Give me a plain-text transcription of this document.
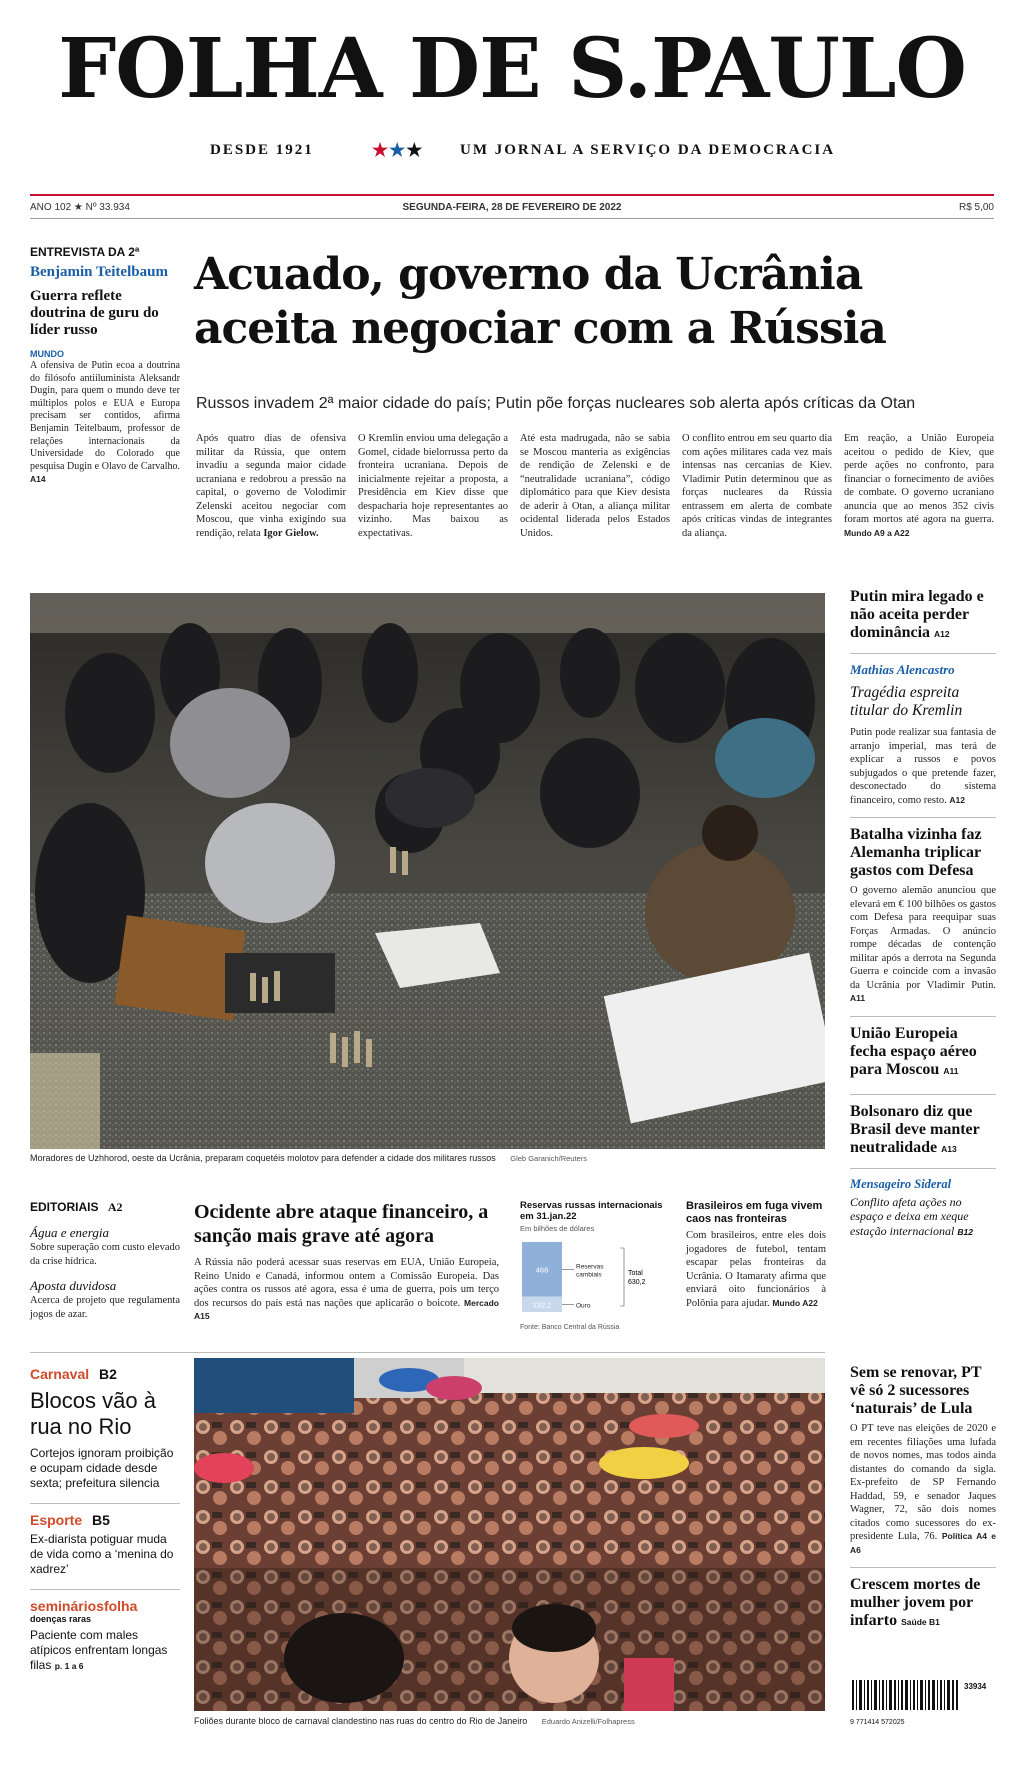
FOLHA DE S.PAULO
DESDE 1921	★★★ UM JORNAL A SERVIÇO DA DEMOCRACIA
ANO 102 ★ Nº 33.934	SEGUNDA-FEIRA, 28 DE FEVEREIRO DE 2022	R$ 5,00
ENTREVISTA DA 2ª
Benjamin Teitelbaum
Guerra reflete doutrina de guru do líder russo
MUNDO
A ofensiva de Putin ecoa a doutrina do filósofo antiiluminista Aleksandr Dugin, para quem o mundo deve ter múltiplos polos e EUA e Europa precisam ser contidos, afirma Benjamin Teitelbaum, professor de relações internacionais da Universidade do Colorado que pesquisa Dugin e Olavo de Carvalho. A14
Acuado, governo da Ucrânia
aceita negociar com a Rússia
Russos invadem 2ª maior cidade do país; Putin põe forças nucleares sob alerta após críticas da Otan
Após quatro dias de ofensiva militar da Rússia, que ontem invadiu a segunda maior cidade ucraniana e redobrou a pressão na capital, o governo de Volodimir Zelenski aceitou negociar com Moscou, que vinha exigindo sua rendição, relata Igor Gielow.
O Kremlin enviou uma delegação a Gomel, cidade bielorrussa perto da fronteira ucraniana. Depois de inicialmente rejeitar a proposta, a Presidência em Kiev disse que despacharia hoje representantes ao vizinho. Mas baixou as expectativas.
Até esta madrugada, não se sabia se Moscou manteria as exigências de rendição de Zelenski e de “neutralidade ucraniana”, código diplomático para que Kiev desista de aderir à Otan, a aliança militar ocidental liderada pelos Estados Unidos.
O conflito entrou em seu quarto dia com ações militares cada vez mais intensas nas cercanias de Kiev. Vladimir Putin determinou que as forças nucleares da Rússia entrassem em alerta de combate após críticas vindas de integrantes da aliança.
Em reação, a União Europeia aceitou o pedido de Kiev, que perde ações no confronto, para financiar o fornecimento de aviões de combate. O governo ucraniano anuncia que ao menos 352 civis foram mortos até agora na guerra. Mundo A9 a A22
Moradores de Uzhhorod, oeste da Ucrânia, preparam coquetéis molotov para defender a cidade dos militares russos Gleb Garanich/Reuters
Putin mira legado e não aceita perder dominância A12
Mathias Alencastro
Tragédia espreita titular do Kremlin
Putin pode realizar sua fantasia de arranjo imperial, mas terá de explicar a russos e povos subjugados o que pretende fazer, desconectado do sistema financeiro, como resto. A12
Batalha vizinha faz Alemanha triplicar gastos com Defesa
O governo alemão anunciou que elevará em € 100 bilhões os gastos com Defesa para reequipar suas Forças Armadas. O anúncio rompe décadas de contenção militar após a derrota na Segunda Guerra e coincide com a invasão da Ucrânia por Vladimir Putin. A11
União Europeia fecha espaço aéreo para Moscou A11
Bolsonaro diz que Brasil deve manter neutralidade A13
Mensageiro Sideral
Conflito afeta ações no espaço e deixa em xeque estação internacional B12
EDITORIAIS A2
Água e energia
Sobre superação com custo elevado da crise hídrica.
Aposta duvidosa
Acerca de projeto que regulamenta jogos de azar.
Ocidente abre ataque financeiro, a sanção mais grave até agora
A Rússia não poderá acessar suas reservas em EUA, União Europeia, Reino Unido e Canadá, informou ontem a Comissão Europeia. Das ações contra os russos até agora, essa é uma de guerra, pois um terço dos recursos do país está nas nações que aplicarão o boicote. Mercado A15
Reservas russas internacionais em 31.jan.22
Em bilhões de dólares
468	Reservas
cambiais
132,2	Ouro
Total
630,2
Fonte: Banco Central da Rússia
Brasileiros em fuga vivem caos nas fronteiras
Com brasileiros, entre eles dois jogadores de futebol, tentam escapar pelas fronteiras da Ucrânia. O Itamaraty afirma que enviará oito funcionários à Polônia para ajudar. Mundo A22
Carnaval B2
Blocos vão à rua no Rio
Cortejos ignoram proibição e ocupam cidade desde sexta; prefeitura silencia
Esporte B5
Ex-diarista potiguar muda de vida como a ‘menina do xadrez’
semináriosfolha
doenças raras
Paciente com males atípicos enfrentam longas filas p. 1 a 6
Foliões durante bloco de carnaval clandestino nas ruas do centro do Rio de Janeiro Eduardo Anizelli/Folhapress
Sem se renovar, PT vê só 2 sucessores ‘naturais’ de Lula
O PT teve nas eleições de 2020 e em recentes filiações uma lufada de novos nomes, mas todos ainda distantes do comando da sigla. Ex-prefeito de SP Fernando Haddad, 59, e senador Jaques Wagner, 72, são dois nomes citados como sucessores do ex-presidente Lula, 76. Política A4 e A6
Crescem mortes de mulher jovem por infarto Saúde B1
33934
9 771414 572025
